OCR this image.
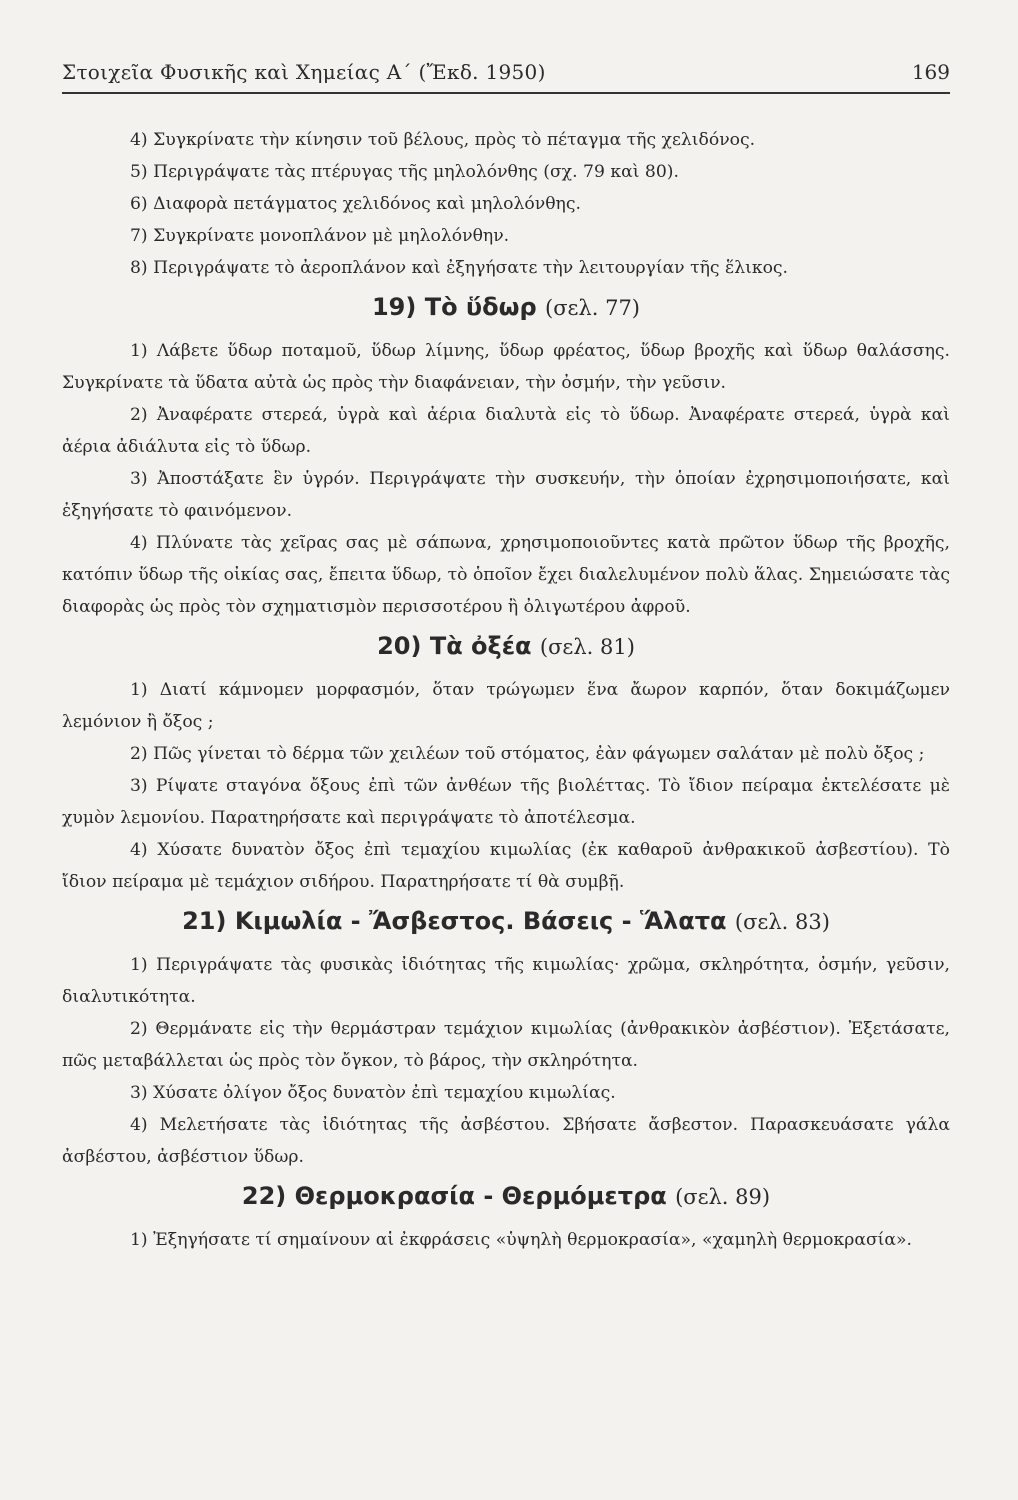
Στοιχεῖα Φυσικῆς καὶ Χημείας Α΄ (Ἔκδ. 1950)	169

4) Συγκρίνατε τὴν κίνησιν τοῦ βέλους, πρὸς τὸ πέταγμα τῆς χελιδόνος.

5) Περιγράψατε τὰς πτέρυγας τῆς μηλολόνθης (σχ. 79 καὶ 80).

6) Διαφορὰ πετάγματος χελιδόνος καὶ μηλολόνθης.

7) Συγκρίνατε μονοπλάνον μὲ μηλολόνθην.

8) Περιγράψατε τὸ ἀεροπλάνον καὶ ἐξηγήσατε τὴν λειτουργίαν τῆς ἕλικος.

19) Τὸ ὕδωρ (σελ. 77)

1) Λάβετε ὕδωρ ποταμοῦ, ὕδωρ λίμνης, ὕδωρ φρέατος, ὕδωρ βροχῆς καὶ ὕδωρ θαλάσσης. Συγκρίνατε τὰ ὕδατα αὐτὰ ὡς πρὸς τὴν διαφάνειαν, τὴν ὀσμήν, τὴν γεῦσιν.

2) Ἀναφέρατε στερεά, ὑγρὰ καὶ ἀέρια διαλυτὰ εἰς τὸ ὕδωρ. Ἀναφέρατε στερεά, ὑγρὰ καὶ ἀέρια ἀδιάλυτα εἰς τὸ ὕδωρ.

3) Ἀποστάξατε ἓν ὑγρόν. Περιγράψατε τὴν συσκευήν, τὴν ὁποίαν ἐχρησιμοποιήσατε, καὶ ἐξηγήσατε τὸ φαινόμενον.

4) Πλύνατε τὰς χεῖρας σας μὲ σάπωνα, χρησιμοποιοῦντες κατὰ πρῶτον ὕδωρ τῆς βροχῆς, κατόπιν ὕδωρ τῆς οἰκίας σας, ἔπειτα ὕδωρ, τὸ ὁποῖον ἔχει διαλελυμένον πολὺ ἅλας. Σημειώσατε τὰς διαφορὰς ὡς πρὸς τὸν σχηματισμὸν περισσοτέρου ἢ ὀλιγωτέρου ἀφροῦ.

20) Τὰ ὀξέα (σελ. 81)

1) Διατί κάμνομεν μορφασμόν, ὅταν τρώγωμεν ἕνα ἄωρον καρπόν, ὅταν δοκιμάζωμεν λεμόνιον ἢ ὄξος ;

2) Πῶς γίνεται τὸ δέρμα τῶν χειλέων τοῦ στόματος, ἐὰν φάγωμεν σαλάταν μὲ πολὺ ὄξος ;

3) Ρίψατε σταγόνα ὄξους ἐπὶ τῶν ἀνθέων τῆς βιολέττας. Τὸ ἴδιον πείραμα ἐκτελέσατε μὲ χυμὸν λεμονίου. Παρατηρήσατε καὶ περιγράψατε τὸ ἀποτέλεσμα.

4) Χύσατε δυνατὸν ὄξος ἐπὶ τεμαχίου κιμωλίας (ἐκ καθαροῦ ἀνθρακικοῦ ἀσβεστίου). Τὸ ἴδιον πείραμα μὲ τεμάχιον σιδήρου. Παρατηρήσατε τί θὰ συμβῇ.

21) Κιμωλία - Ἄσβεστος. Βάσεις - Ἅλατα (σελ. 83)

1) Περιγράψατε τὰς φυσικὰς ἰδιότητας τῆς κιμωλίας· χρῶμα, σκληρότητα, ὀσμήν, γεῦσιν, διαλυτικότητα.

2) Θερμάνατε εἰς τὴν θερμάστραν τεμάχιον κιμωλίας (ἀνθρακικὸν ἀσβέστιον). Ἐξετάσατε, πῶς μεταβάλλεται ὡς πρὸς τὸν ὄγκον, τὸ βάρος, τὴν σκληρότητα.

3) Χύσατε ὀλίγον ὄξος δυνατὸν ἐπὶ τεμαχίου κιμωλίας.

4) Μελετήσατε τὰς ἰδιότητας τῆς ἀσβέστου. Σβήσατε ἄσβεστον. Παρασκευάσατε γάλα ἀσβέστου, ἀσβέστιον ὕδωρ.

22) Θερμοκρασία - Θερμόμετρα (σελ. 89)

1) Ἐξηγήσατε τί σημαίνουν αἱ ἐκφράσεις «ὑψηλὴ θερμοκρασία», «χαμηλὴ θερμοκρασία».
